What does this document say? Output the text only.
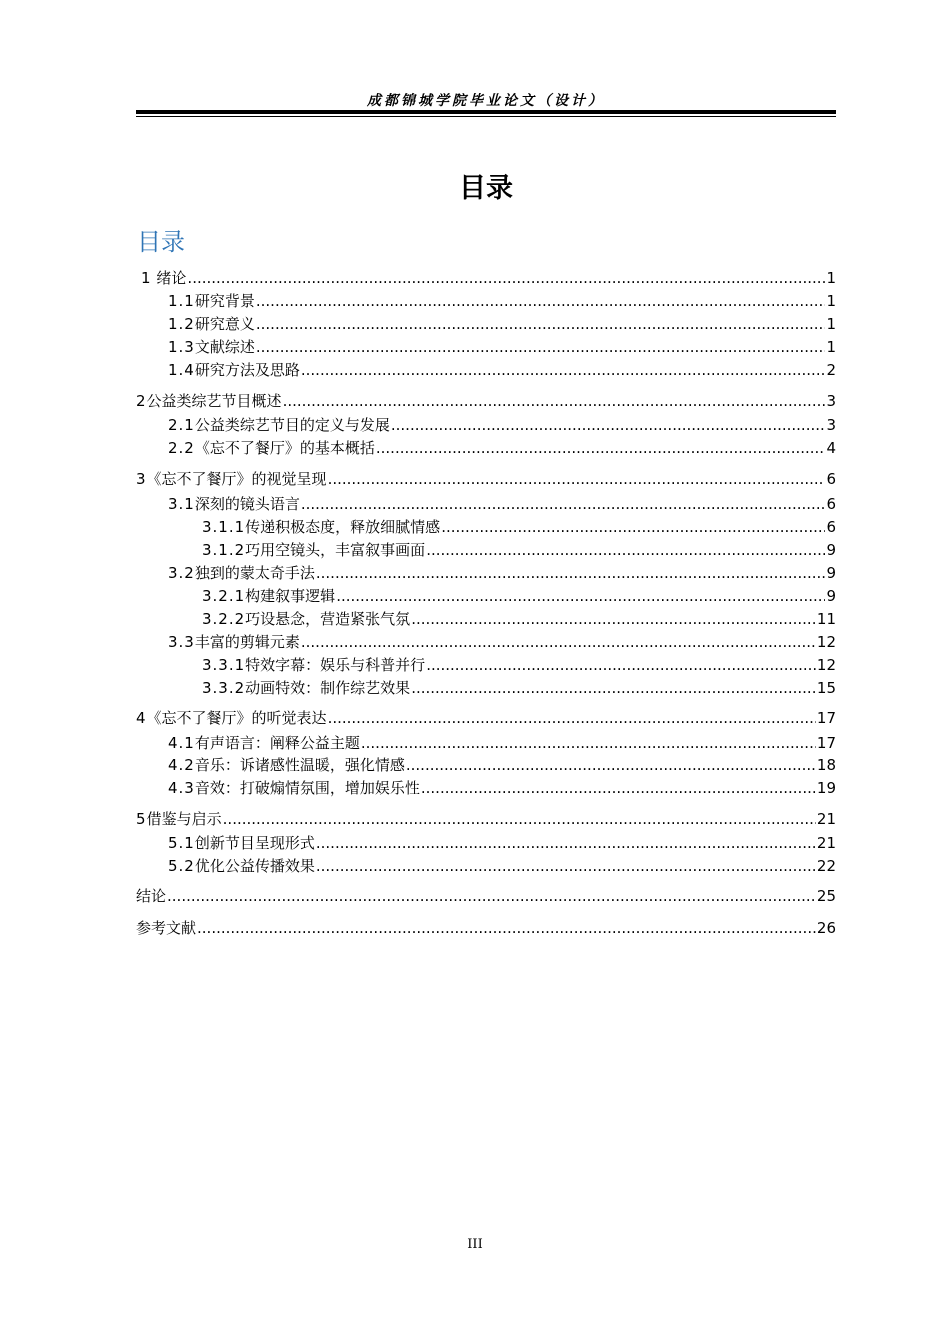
成都锦城学院毕业论文（设计）
目录
目录
1 绪论 .....	1
1.1 研究背景 .....	1
1.2 研究意义 .....	1
1.3 文献综述 .....	1
1.4 研究方法及思路 .....	2
2 公益类综艺节目概述 .....	3
2.1 公益类综艺节目的定义与发展 .....	3
2.2 《忘不了餐厅》的基本概括 .....	4
3 《忘不了餐厅》的视觉呈现 .....	6
3.1 深刻的镜头语言 .....	6
3.1.1 传递积极态度，释放细腻情感 .....	6
3.1.2 巧用空镜头，丰富叙事画面 .....	9
3.2 独到的蒙太奇手法 .....	9
3.2.1 构建叙事逻辑 .....	9
3.2.2 巧设悬念，营造紧张气氛 .....	11
3.3 丰富的剪辑元素 .....	12
3.3.1 特效字幕：娱乐与科普并行 .....	12
3.3.2 动画特效：制作综艺效果 .....	15
4 《忘不了餐厅》的听觉表达 .....	17
4.1 有声语言：阐释公益主题 .....	17
4.2 音乐：诉诸感性温暖，强化情感 .....	18
4.3 音效：打破煽情氛围，增加娱乐性 .....	19
5 借鉴与启示 .....	21
5.1 创新节目呈现形式 .....	21
5.2 优化公益传播效果 .....	22
结论 .....	25
参考文献 .....	26
III
